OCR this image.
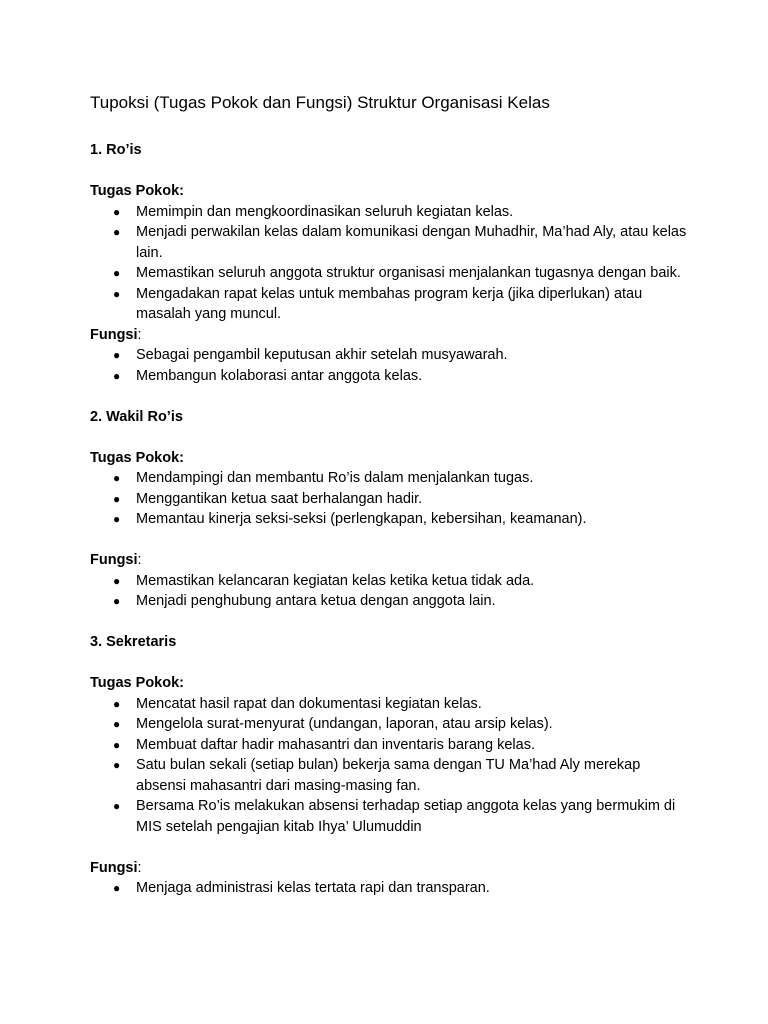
Tupoksi (Tugas Pokok dan Fungsi) Struktur Organisasi Kelas
1. Ro’is

Tugas Pokok:

● Memimpin dan mengkoordinasikan seluruh kegiatan kelas.
● Menjadi perwakilan kelas dalam komunikasi dengan Muhadhir, Ma’had Aly, atau kelas lain.
● Memastikan seluruh anggota struktur organisasi menjalankan tugasnya dengan baik.
● Mengadakan rapat kelas untuk membahas program kerja (jika diperlukan) atau masalah yang muncul.

Fungsi:

● Sebagai pengambil keputusan akhir setelah musyawarah.
● Membangun kolaborasi antar anggota kelas.
2. Wakil Ro’is

Tugas Pokok:

● Mendampingi dan membantu Ro’is dalam menjalankan tugas.
● Menggantikan ketua saat berhalangan hadir.
● Memantau kinerja seksi-seksi (perlengkapan, kebersihan, keamanan).

Fungsi:

● Memastikan kelancaran kegiatan kelas ketika ketua tidak ada.
● Menjadi penghubung antara ketua dengan anggota lain.
3. Sekretaris

Tugas Pokok:

● Mencatat hasil rapat dan dokumentasi kegiatan kelas.
● Mengelola surat-menyurat (undangan, laporan, atau arsip kelas).
● Membuat daftar hadir mahasantri dan inventaris barang kelas.
● Satu bulan sekali (setiap bulan) bekerja sama dengan TU Ma’had Aly merekap absensi mahasantri dari masing-masing fan.
● Bersama Ro’is melakukan absensi terhadap setiap anggota kelas yang bermukim di MIS setelah pengajian kitab Ihya’ Ulumuddin

Fungsi:

● Menjaga administrasi kelas tertata rapi dan transparan.
